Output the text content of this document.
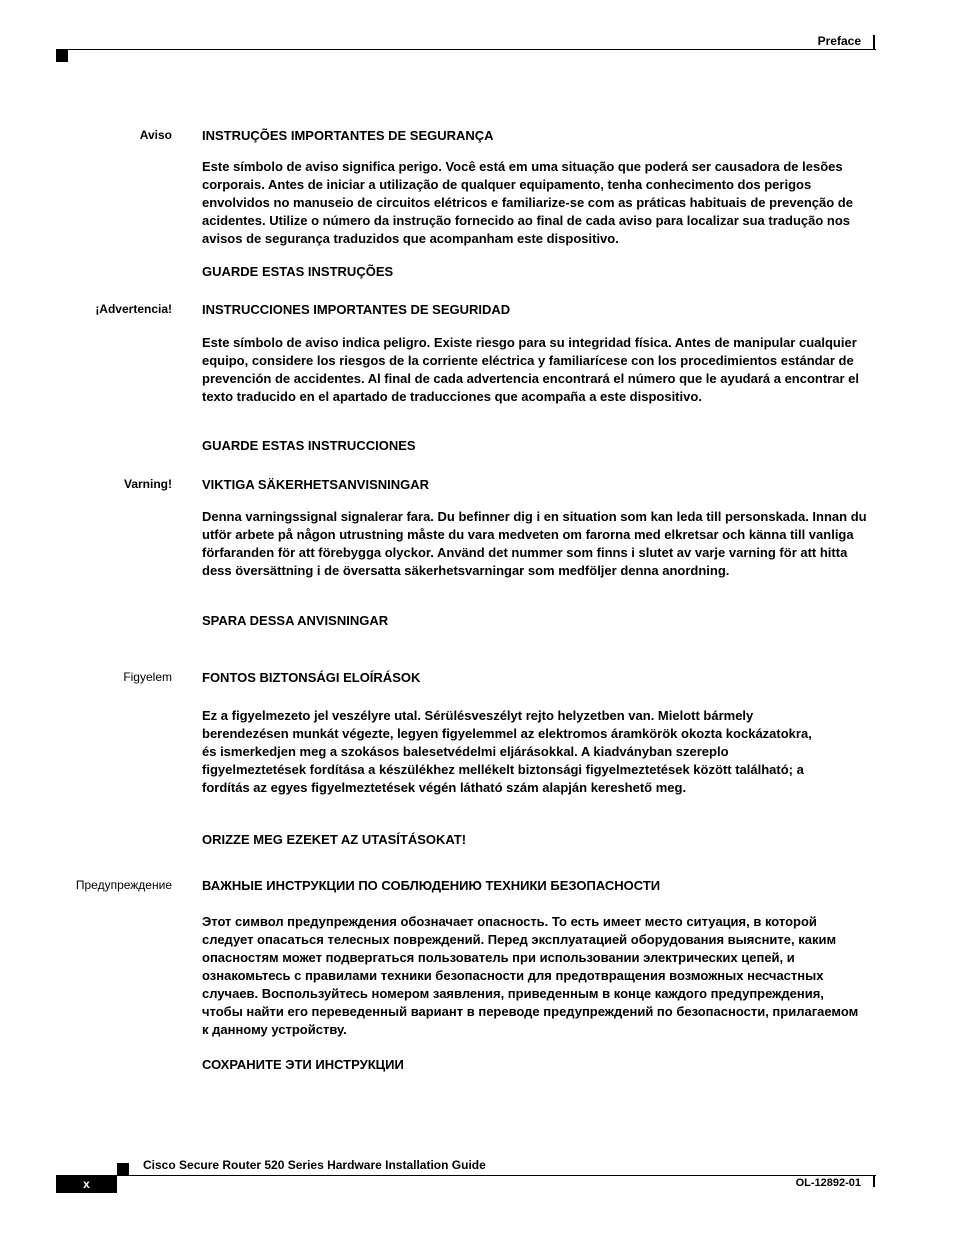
Preface
Aviso INSTRUÇÕES IMPORTANTES DE SEGURANÇA

Este símbolo de aviso significa perigo. Você está em uma situação que poderá ser causadora de lesões corporais. Antes de iniciar a utilização de qualquer equipamento, tenha conhecimento dos perigos envolvidos no manuseio de circuitos elétricos e familiarize-se com as práticas habituais de prevenção de acidentes. Utilize o número da instrução fornecido ao final de cada aviso para localizar sua tradução nos avisos de segurança traduzidos que acompanham este dispositivo.

GUARDE ESTAS INSTRUÇÕES
¡Advertencia! INSTRUCCIONES IMPORTANTES DE SEGURIDAD

Este símbolo de aviso indica peligro. Existe riesgo para su integridad física. Antes de manipular cualquier equipo, considere los riesgos de la corriente eléctrica y familiarícese con los procedimientos estándar de prevención de accidentes. Al final de cada advertencia encontrará el número que le ayudará a encontrar el texto traducido en el apartado de traducciones que acompaña a este dispositivo.

GUARDE ESTAS INSTRUCCIONES
Varning! VIKTIGA SÄKERHETSANVISNINGAR

Denna varningssignal signalerar fara. Du befinner dig i en situation som kan leda till personskada. Innan du utför arbete på någon utrustning måste du vara medveten om farorna med elkretsar och känna till vanliga förfaranden för att förebygga olyckor. Använd det nummer som finns i slutet av varje varning för att hitta dess översättning i de översatta säkerhetsvarningar som medföljer denna anordning.

SPARA DESSA ANVISNINGAR
Figyelem FONTOS BIZTONSÁGI ELOÍRÁSOK

Ez a figyelmezeto jel veszélyre utal. Sérülésveszélyt rejto helyzetben van. Mielott bármely berendezésen munkát végezte, legyen figyelemmel az elektromos áramkörök okozta kockázatokra, és ismerkedjen meg a szokásos balesetvédelmi eljárásokkal. A kiadványban szereplo figyelmeztetések fordítása a készülékhez mellékelt biztonsági figyelmeztetések között található; a fordítás az egyes figyelmeztetések végén látható szám alapján kereshető meg.

ORIZZE MEG EZEKET AZ UTASÍTÁSOKAT!
Предупреждение ВАЖНЫЕ ИНСТРУКЦИИ ПО СОБЛЮДЕНИЮ ТЕХНИКИ БЕЗОПАСНОСТИ

Этот символ предупреждения обозначает опасность. То есть имеет место ситуация, в которой следует опасаться телесных повреждений. Перед эксплуатацией оборудования выясните, каким опасностям может подвергаться пользователь при использовании электрических цепей, и ознакомьтесь с правилами техники безопасности для предотвращения возможных несчастных случаев. Воспользуйтесь номером заявления, приведенным в конце каждого предупреждения, чтобы найти его переведенный вариант в переводе предупреждений по безопасности, прилагаемом к данному устройству.

СОХРАНИТЕ ЭТИ ИНСТРУКЦИИ
Cisco Secure Router 520 Series Hardware Installation Guide
x	OL-12892-01
